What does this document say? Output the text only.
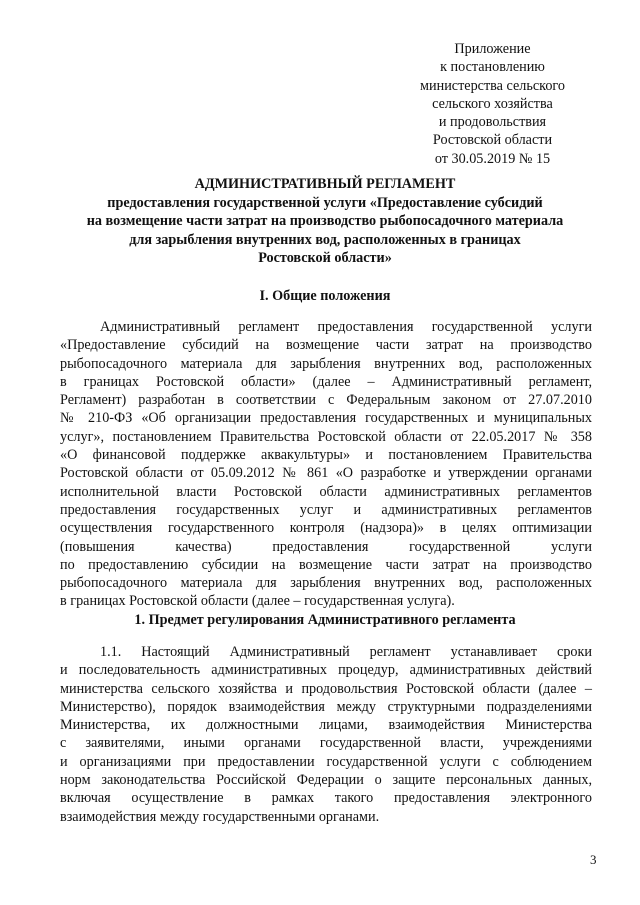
Приложение
к постановлению
министерства сельского
сельского хозяйства
и продовольствия
Ростовской области
от 30.05.2019 № 15
АДМИНИСТРАТИВНЫЙ РЕГЛАМЕНТ
предоставления государственной услуги «Предоставление субсидий
на возмещение части затрат на производство рыбопосадочного материала
для зарыбления внутренних вод, расположенных в границах
Ростовской области»
I. Общие положения
Административный регламент предоставления государственной услуги
«Предоставление субсидий на возмещение части затрат на производство
рыбопосадочного материала для зарыбления внутренних вод, расположенных
в границах Ростовской области» (далее – Административный регламент,
Регламент) разработан в соответствии с Федеральным законом от 27.07.2010
№ 210-ФЗ «Об организации предоставления государственных и муниципальных
услуг», постановлением Правительства Ростовской области от 22.05.2017 № 358
«О финансовой поддержке аквакультуры» и постановлением Правительства
Ростовской области от 05.09.2012 № 861 «О разработке и утверждении органами
исполнительной власти Ростовской области административных регламентов
предоставления государственных услуг и административных регламентов
осуществления государственного контроля (надзора)» в целях оптимизации
(повышения качества) предоставления государственной услуги
по предоставлению субсидии на возмещение части затрат на производство
рыбопосадочного материала для зарыбления внутренних вод, расположенных
в границах Ростовской области (далее – государственная услуга).
1. Предмет регулирования Административного регламента
1.1. Настоящий Административный регламент устанавливает сроки
и последовательность административных процедур, административных действий
министерства сельского хозяйства и продовольствия Ростовской области (далее –
Министерство), порядок взаимодействия между структурными подразделениями
Министерства, их должностными лицами, взаимодействия Министерства
с заявителями, иными органами государственной власти, учреждениями
и организациями при предоставлении государственной услуги с соблюдением
норм законодательства Российской Федерации о защите персональных данных,
включая осуществление в рамках такого предоставления электронного
взаимодействия между государственными органами.
3
